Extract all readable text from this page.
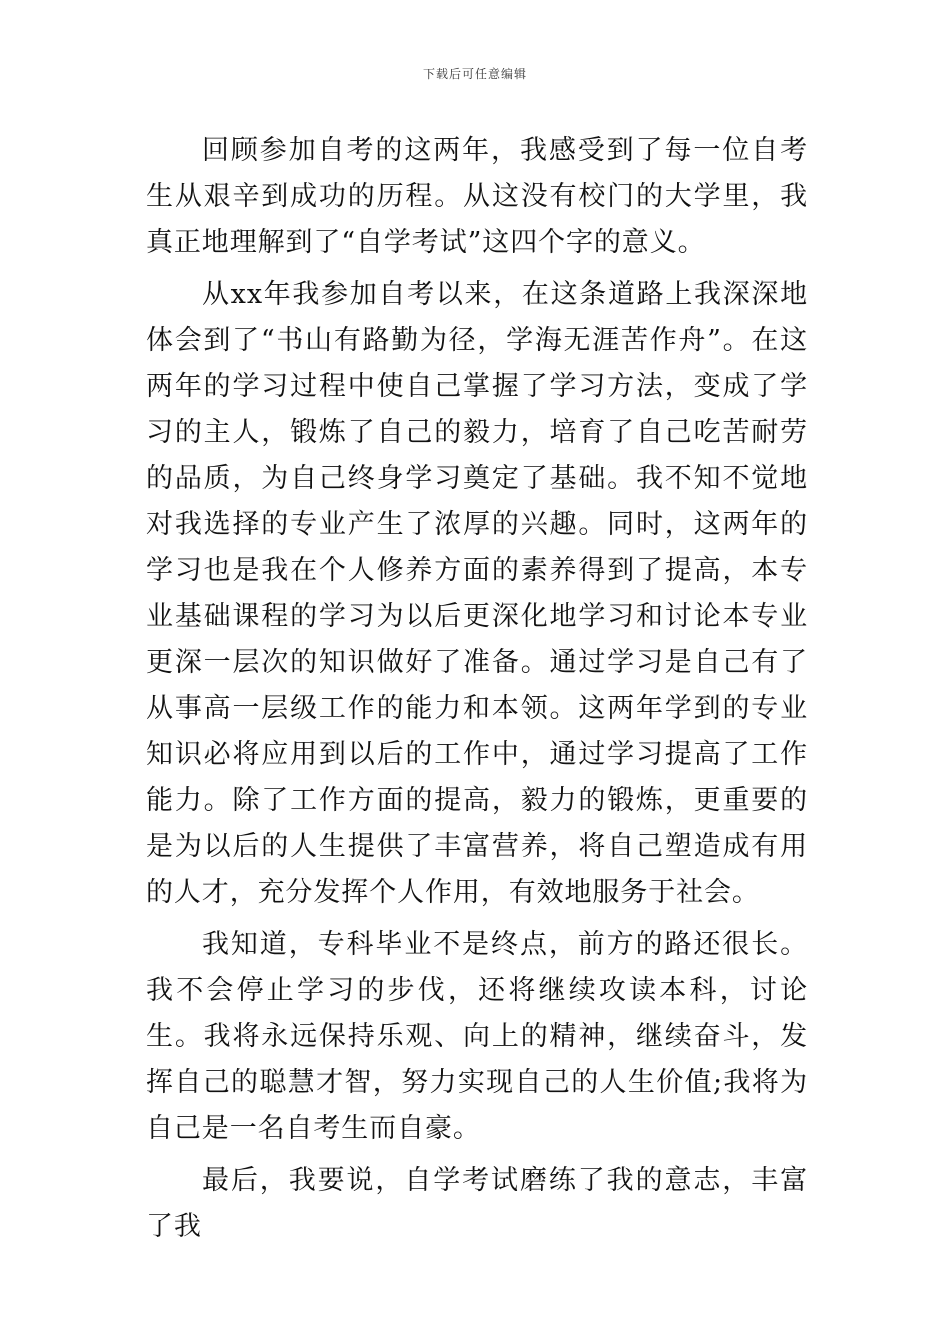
下载后可任意编辑

回顾参加自考的这两年，我感受到了每一位自考生从艰辛到成功的历程。从这没有校门的大学里，我真正地理解到了“自学考试”这四个字的意义。

从xx年我参加自考以来，在这条道路上我深深地体会到了“书山有路勤为径，学海无涯苦作舟”。在这两年的学习过程中使自己掌握了学习方法，变成了学习的主人，锻炼了自己的毅力，培育了自己吃苦耐劳的品质，为自己终身学习奠定了基础。我不知不觉地对我选择的专业产生了浓厚的兴趣。同时，这两年的学习也是我在个人修养方面的素养得到了提高，本专业基础课程的学习为以后更深化地学习和讨论本专业更深一层次的知识做好了准备。通过学习是自己有了从事高一层级工作的能力和本领。这两年学到的专业知识必将应用到以后的工作中，通过学习提高了工作能力。除了工作方面的提高，毅力的锻炼，更重要的是为以后的人生提供了丰富营养，将自己塑造成有用的人才，充分发挥个人作用，有效地服务于社会。

我知道，专科毕业不是终点，前方的路还很长。我不会停止学习的步伐，还将继续攻读本科，讨论生。我将永远保持乐观、向上的精神，继续奋斗，发挥自己的聪慧才智，努力实现自己的人生价值;我将为自己是一名自考生而自豪。

最后，我要说，自学考试磨练了我的意志，丰富了我
